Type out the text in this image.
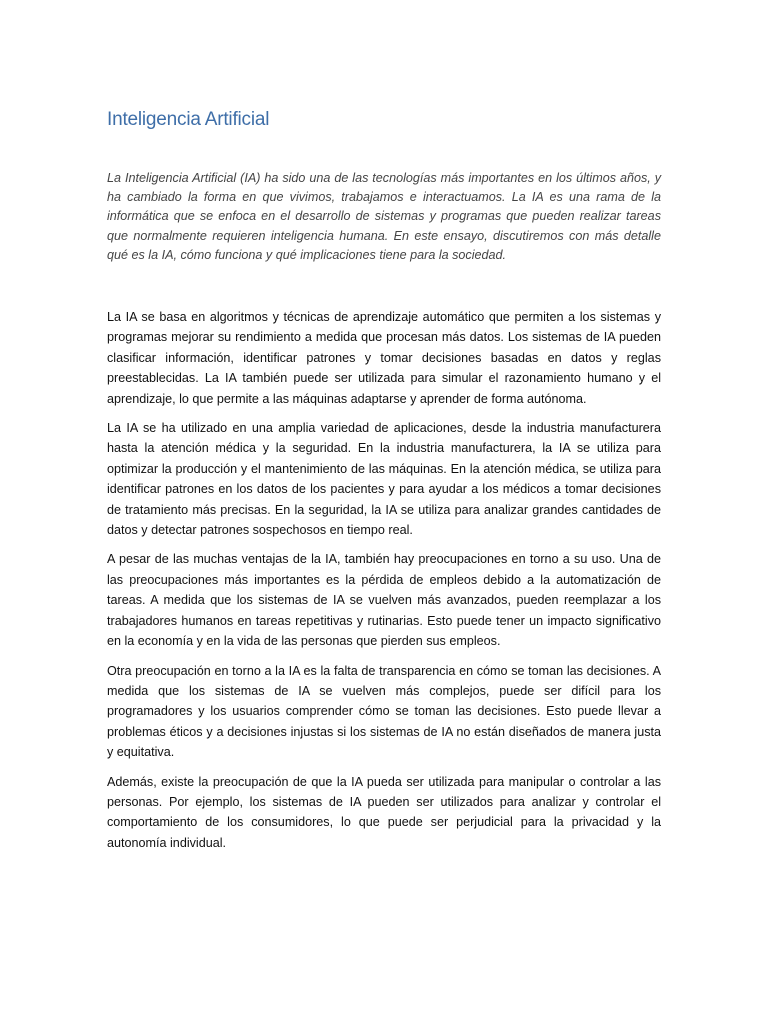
Inteligencia Artificial

La Inteligencia Artificial (IA) ha sido una de las tecnologías más importantes en los últimos años, y ha cambiado la forma en que vivimos, trabajamos e interactuamos. La IA es una rama de la informática que se enfoca en el desarrollo de sistemas y programas que pueden realizar tareas que normalmente requieren inteligencia humana. En este ensayo, discutiremos con más detalle qué es la IA, cómo funciona y qué implicaciones tiene para la sociedad.

La IA se basa en algoritmos y técnicas de aprendizaje automático que permiten a los sistemas y programas mejorar su rendimiento a medida que procesan más datos. Los sistemas de IA pueden clasificar información, identificar patrones y tomar decisiones basadas en datos y reglas preestablecidas. La IA también puede ser utilizada para simular el razonamiento humano y el aprendizaje, lo que permite a las máquinas adaptarse y aprender de forma autónoma.

La IA se ha utilizado en una amplia variedad de aplicaciones, desde la industria manufacturera hasta la atención médica y la seguridad. En la industria manufacturera, la IA se utiliza para optimizar la producción y el mantenimiento de las máquinas. En la atención médica, se utiliza para identificar patrones en los datos de los pacientes y para ayudar a los médicos a tomar decisiones de tratamiento más precisas. En la seguridad, la IA se utiliza para analizar grandes cantidades de datos y detectar patrones sospechosos en tiempo real.

A pesar de las muchas ventajas de la IA, también hay preocupaciones en torno a su uso. Una de las preocupaciones más importantes es la pérdida de empleos debido a la automatización de tareas. A medida que los sistemas de IA se vuelven más avanzados, pueden reemplazar a los trabajadores humanos en tareas repetitivas y rutinarias. Esto puede tener un impacto significativo en la economía y en la vida de las personas que pierden sus empleos.

Otra preocupación en torno a la IA es la falta de transparencia en cómo se toman las decisiones. A medida que los sistemas de IA se vuelven más complejos, puede ser difícil para los programadores y los usuarios comprender cómo se toman las decisiones. Esto puede llevar a problemas éticos y a decisiones injustas si los sistemas de IA no están diseñados de manera justa y equitativa.

Además, existe la preocupación de que la IA pueda ser utilizada para manipular o controlar a las personas. Por ejemplo, los sistemas de IA pueden ser utilizados para analizar y controlar el comportamiento de los consumidores, lo que puede ser perjudicial para la privacidad y la autonomía individual.
